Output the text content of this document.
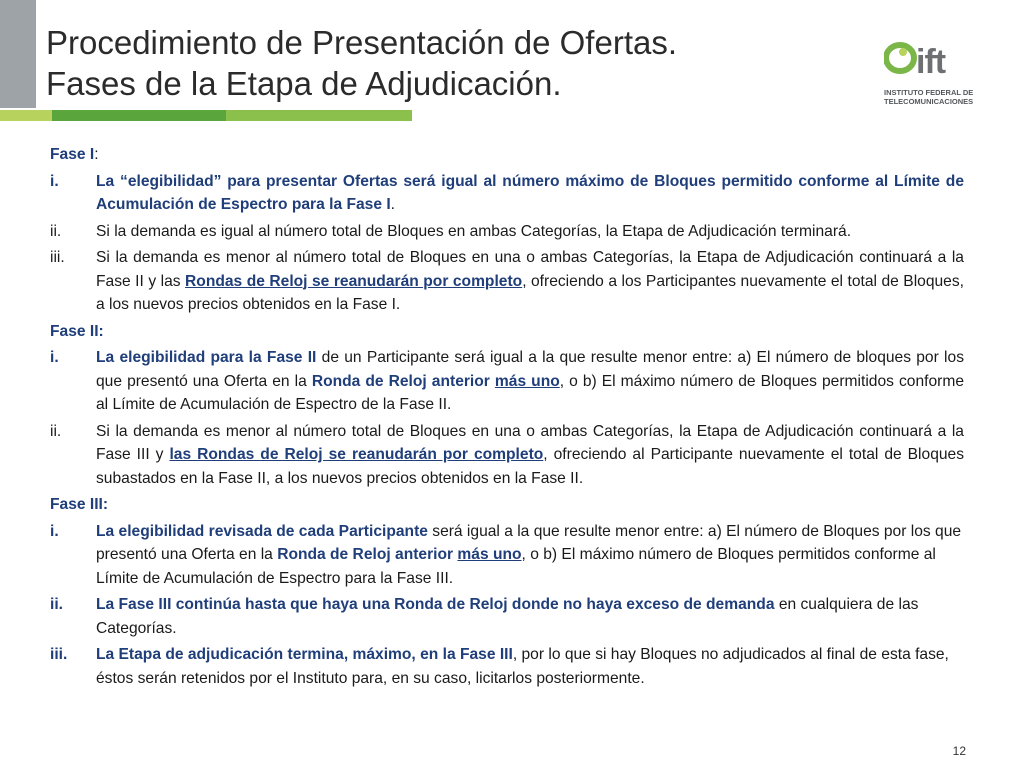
Procedimiento de Presentación de Ofertas.
Fases de la Etapa de Adjudicación.
ift
INSTITUTO FEDERAL DE
TELECOMUNICACIONES
Fase I:
i.	La “elegibilidad” para presentar Ofertas será igual al número máximo de Bloques permitido conforme al Límite de Acumulación de Espectro para la Fase I.
ii.	Si la demanda es igual al número total de Bloques en ambas Categorías, la Etapa de Adjudicación terminará.
iii.	Si la demanda es menor al número total de Bloques en una o ambas Categorías, la Etapa de Adjudicación continuará a la Fase II y las Rondas de Reloj se reanudarán por completo, ofreciendo a los Participantes nuevamente el total de Bloques, a los nuevos precios obtenidos en la Fase I.
Fase II:
i.	La elegibilidad para la Fase II de un Participante será igual a la que resulte menor entre: a) El número de bloques por los que presentó una Oferta en la Ronda de Reloj anterior más uno, o b) El máximo número de Bloques permitidos conforme al Límite de Acumulación de Espectro de la Fase II.
ii.	Si la demanda es menor al número total de Bloques en una o ambas Categorías, la Etapa de Adjudicación continuará a la Fase III y las Rondas de Reloj se reanudarán por completo, ofreciendo al Participante nuevamente el total de Bloques subastados en la Fase II, a los nuevos precios obtenidos en la Fase II.
Fase III:
i.	La elegibilidad revisada de cada Participante será igual a la que resulte menor entre: a) El número de Bloques por los que presentó una Oferta en la Ronda de Reloj anterior más uno, o b) El máximo número de Bloques permitidos conforme al Límite de Acumulación de Espectro para la Fase III.
ii.	La Fase III continúa hasta que haya una Ronda de Reloj donde no haya exceso de demanda en cualquiera de las Categorías.
iii.	La Etapa de adjudicación termina, máximo, en la Fase III, por lo que si hay Bloques no adjudicados al final de esta fase, éstos serán retenidos por el Instituto para, en su caso, licitarlos posteriormente.
12
